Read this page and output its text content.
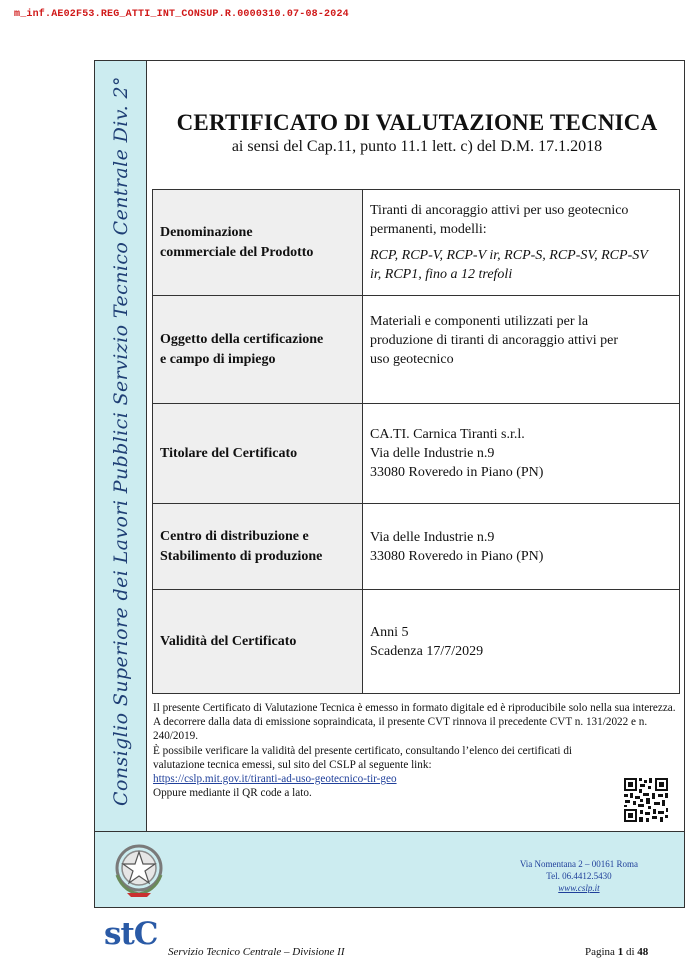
m_inf.AE02F53.REG_ATTI_INT_CONSUP.R.0000310.07-08-2024
Consiglio Superiore dei Lavori Pubblici Servizio Tecnico Centrale Div. 2°	CERTIFICATO DI VALUTAZIONE TECNICA
ai sensi del Cap.11, punto 11.1 lett. c) del D.M. 17.1.2018
Denominazione
commerciale del Prodotto	Tiranti di ancoraggio attivi per uso geotecnico
permanenti, modelli:

RCP, RCP-V, RCP-V ir, RCP-S, RCP-SV, RCP-SV
ir, RCP1, fino a 12 trefoli
Oggetto della certificazione
e campo di impiego	Materiali e componenti utilizzati per la
produzione di tiranti di ancoraggio attivi per
uso geotecnico
Titolare del Certificato	CA.TI. Carnica Tiranti s.r.l.
Via delle Industrie n.9
33080 Roveredo in Piano (PN)
Centro di distribuzione e
Stabilimento di produzione	Via delle Industrie n.9
33080 Roveredo in Piano (PN)
Validità del Certificato	Anni 5
Scadenza 17/7/2029
Il presente Certificato di Valutazione Tecnica è emesso in formato digitale ed è riproducibile solo nella sua interezza.
A decorrere dalla data di emissione sopraindicata, il presente CVT rinnova il precedente CVT n. 131/2022 e n. 240/2019.
È possibile verificare la validità del presente certificato, consultando l’elenco dei certificati di valutazione tecnica emessi, sul sito del CSLP al seguente link:
https://cslp.mit.gov.it/tiranti-ad-uso-geotecnico-tir-geo
Oppure mediante il QR code a lato.
Via Nomentana 2 – 00161 Roma
Tel. 06.4412.5430
www.cslp.it
stC Servizio Tecnico Centrale – Divisione II	Pagina 1 di 48
